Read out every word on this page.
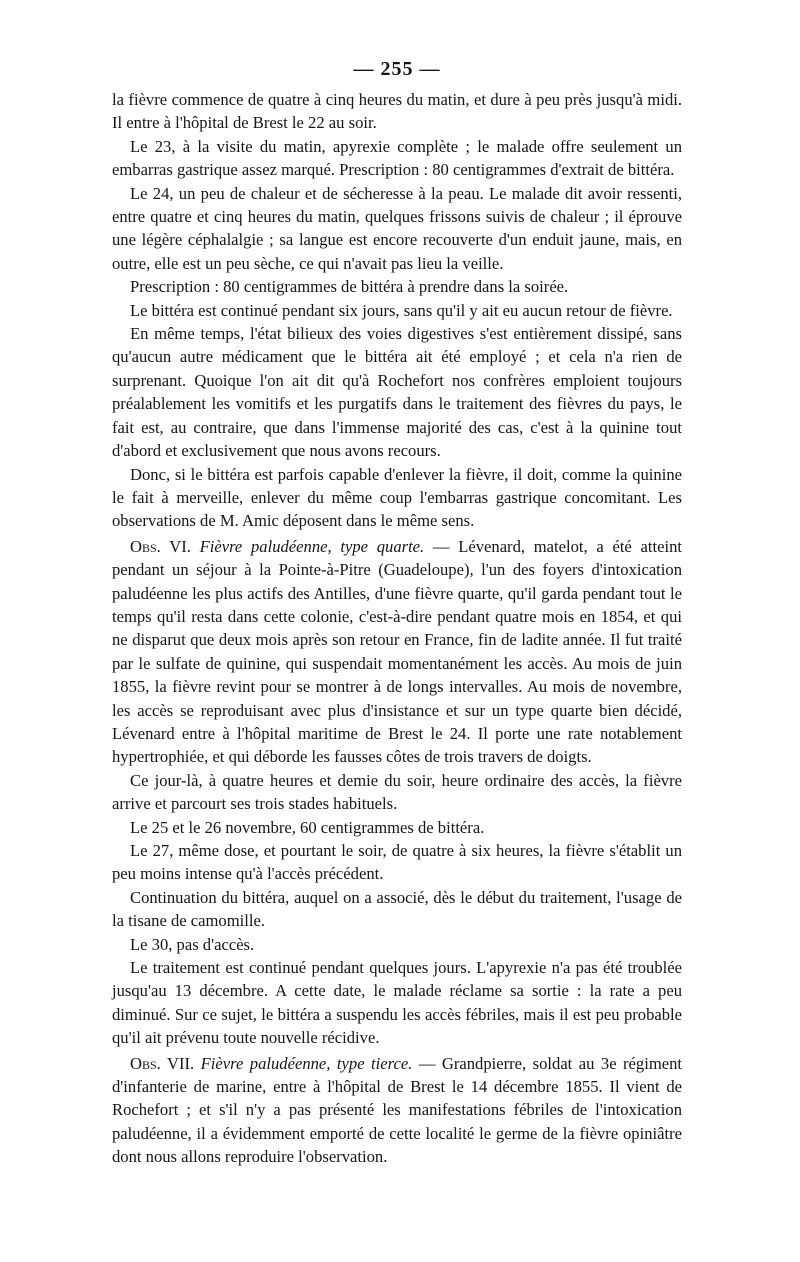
— 255 —

la fièvre commence de quatre à cinq heures du matin, et dure à peu près jusqu'à midi. Il entre à l'hôpital de Brest le 22 au soir.

Le 23, à la visite du matin, apyrexie complète ; le malade offre seulement un embarras gastrique assez marqué. Prescription : 80 centigrammes d'extrait de bittéra.

Le 24, un peu de chaleur et de sécheresse à la peau. Le malade dit avoir ressenti, entre quatre et cinq heures du matin, quelques frissons suivis de chaleur ; il éprouve une légère céphalalgie ; sa langue est encore recouverte d'un enduit jaune, mais, en outre, elle est un peu sèche, ce qui n'avait pas lieu la veille.

Prescription : 80 centigrammes de bittéra à prendre dans la soirée.

Le bittéra est continué pendant six jours, sans qu'il y ait eu aucun retour de fièvre.

En même temps, l'état bilieux des voies digestives s'est entièrement dissipé, sans qu'aucun autre médicament que le bittéra ait été employé ; et cela n'a rien de surprenant. Quoique l'on ait dit qu'à Rochefort nos confrères emploient toujours préalablement les vomitifs et les purgatifs dans le traitement des fièvres du pays, le fait est, au contraire, que dans l'immense majorité des cas, c'est à la quinine tout d'abord et exclusivement que nous avons recours.

Donc, si le bittéra est parfois capable d'enlever la fièvre, il doit, comme la quinine le fait à merveille, enlever du même coup l'embarras gastrique concomitant. Les observations de M. Amic déposent dans le même sens.

Obs. VI. Fièvre paludéenne, type quarte. — Lévenard, matelot, a été atteint pendant un séjour à la Pointe-à-Pitre (Guadeloupe), l'un des foyers d'intoxication paludéenne les plus actifs des Antilles, d'une fièvre quarte, qu'il garda pendant tout le temps qu'il resta dans cette colonie, c'est-à-dire pendant quatre mois en 1854, et qui ne disparut que deux mois après son retour en France, fin de ladite année. Il fut traité par le sulfate de quinine, qui suspendait momentanément les accès. Au mois de juin 1855, la fièvre revint pour se montrer à de longs intervalles. Au mois de novembre, les accès se reproduisant avec plus d'insistance et sur un type quarte bien décidé, Lévenard entre à l'hôpital maritime de Brest le 24. Il porte une rate notablement hypertrophiée, et qui déborde les fausses côtes de trois travers de doigts.

Ce jour-là, à quatre heures et demie du soir, heure ordinaire des accès, la fièvre arrive et parcourt ses trois stades habituels.

Le 25 et le 26 novembre, 60 centigrammes de bittéra.

Le 27, même dose, et pourtant le soir, de quatre à six heures, la fièvre s'établit un peu moins intense qu'à l'accès précédent.

Continuation du bittéra, auquel on a associé, dès le début du traitement, l'usage de la tisane de camomille.

Le 30, pas d'accès.

Le traitement est continué pendant quelques jours. L'apyrexie n'a pas été troublée jusqu'au 13 décembre. A cette date, le malade réclame sa sortie : la rate a peu diminué. Sur ce sujet, le bittéra a suspendu les accès fébriles, mais il est peu probable qu'il ait prévenu toute nouvelle récidive.

Obs. VII. Fièvre paludéenne, type tierce. — Grandpierre, soldat au 3e régiment d'infanterie de marine, entre à l'hôpital de Brest le 14 décembre 1855. Il vient de Rochefort ; et s'il n'y a pas présenté les manifestations fébriles de l'intoxication paludéenne, il a évidemment emporté de cette localité le germe de la fièvre opiniâtre dont nous allons reproduire l'observation.
